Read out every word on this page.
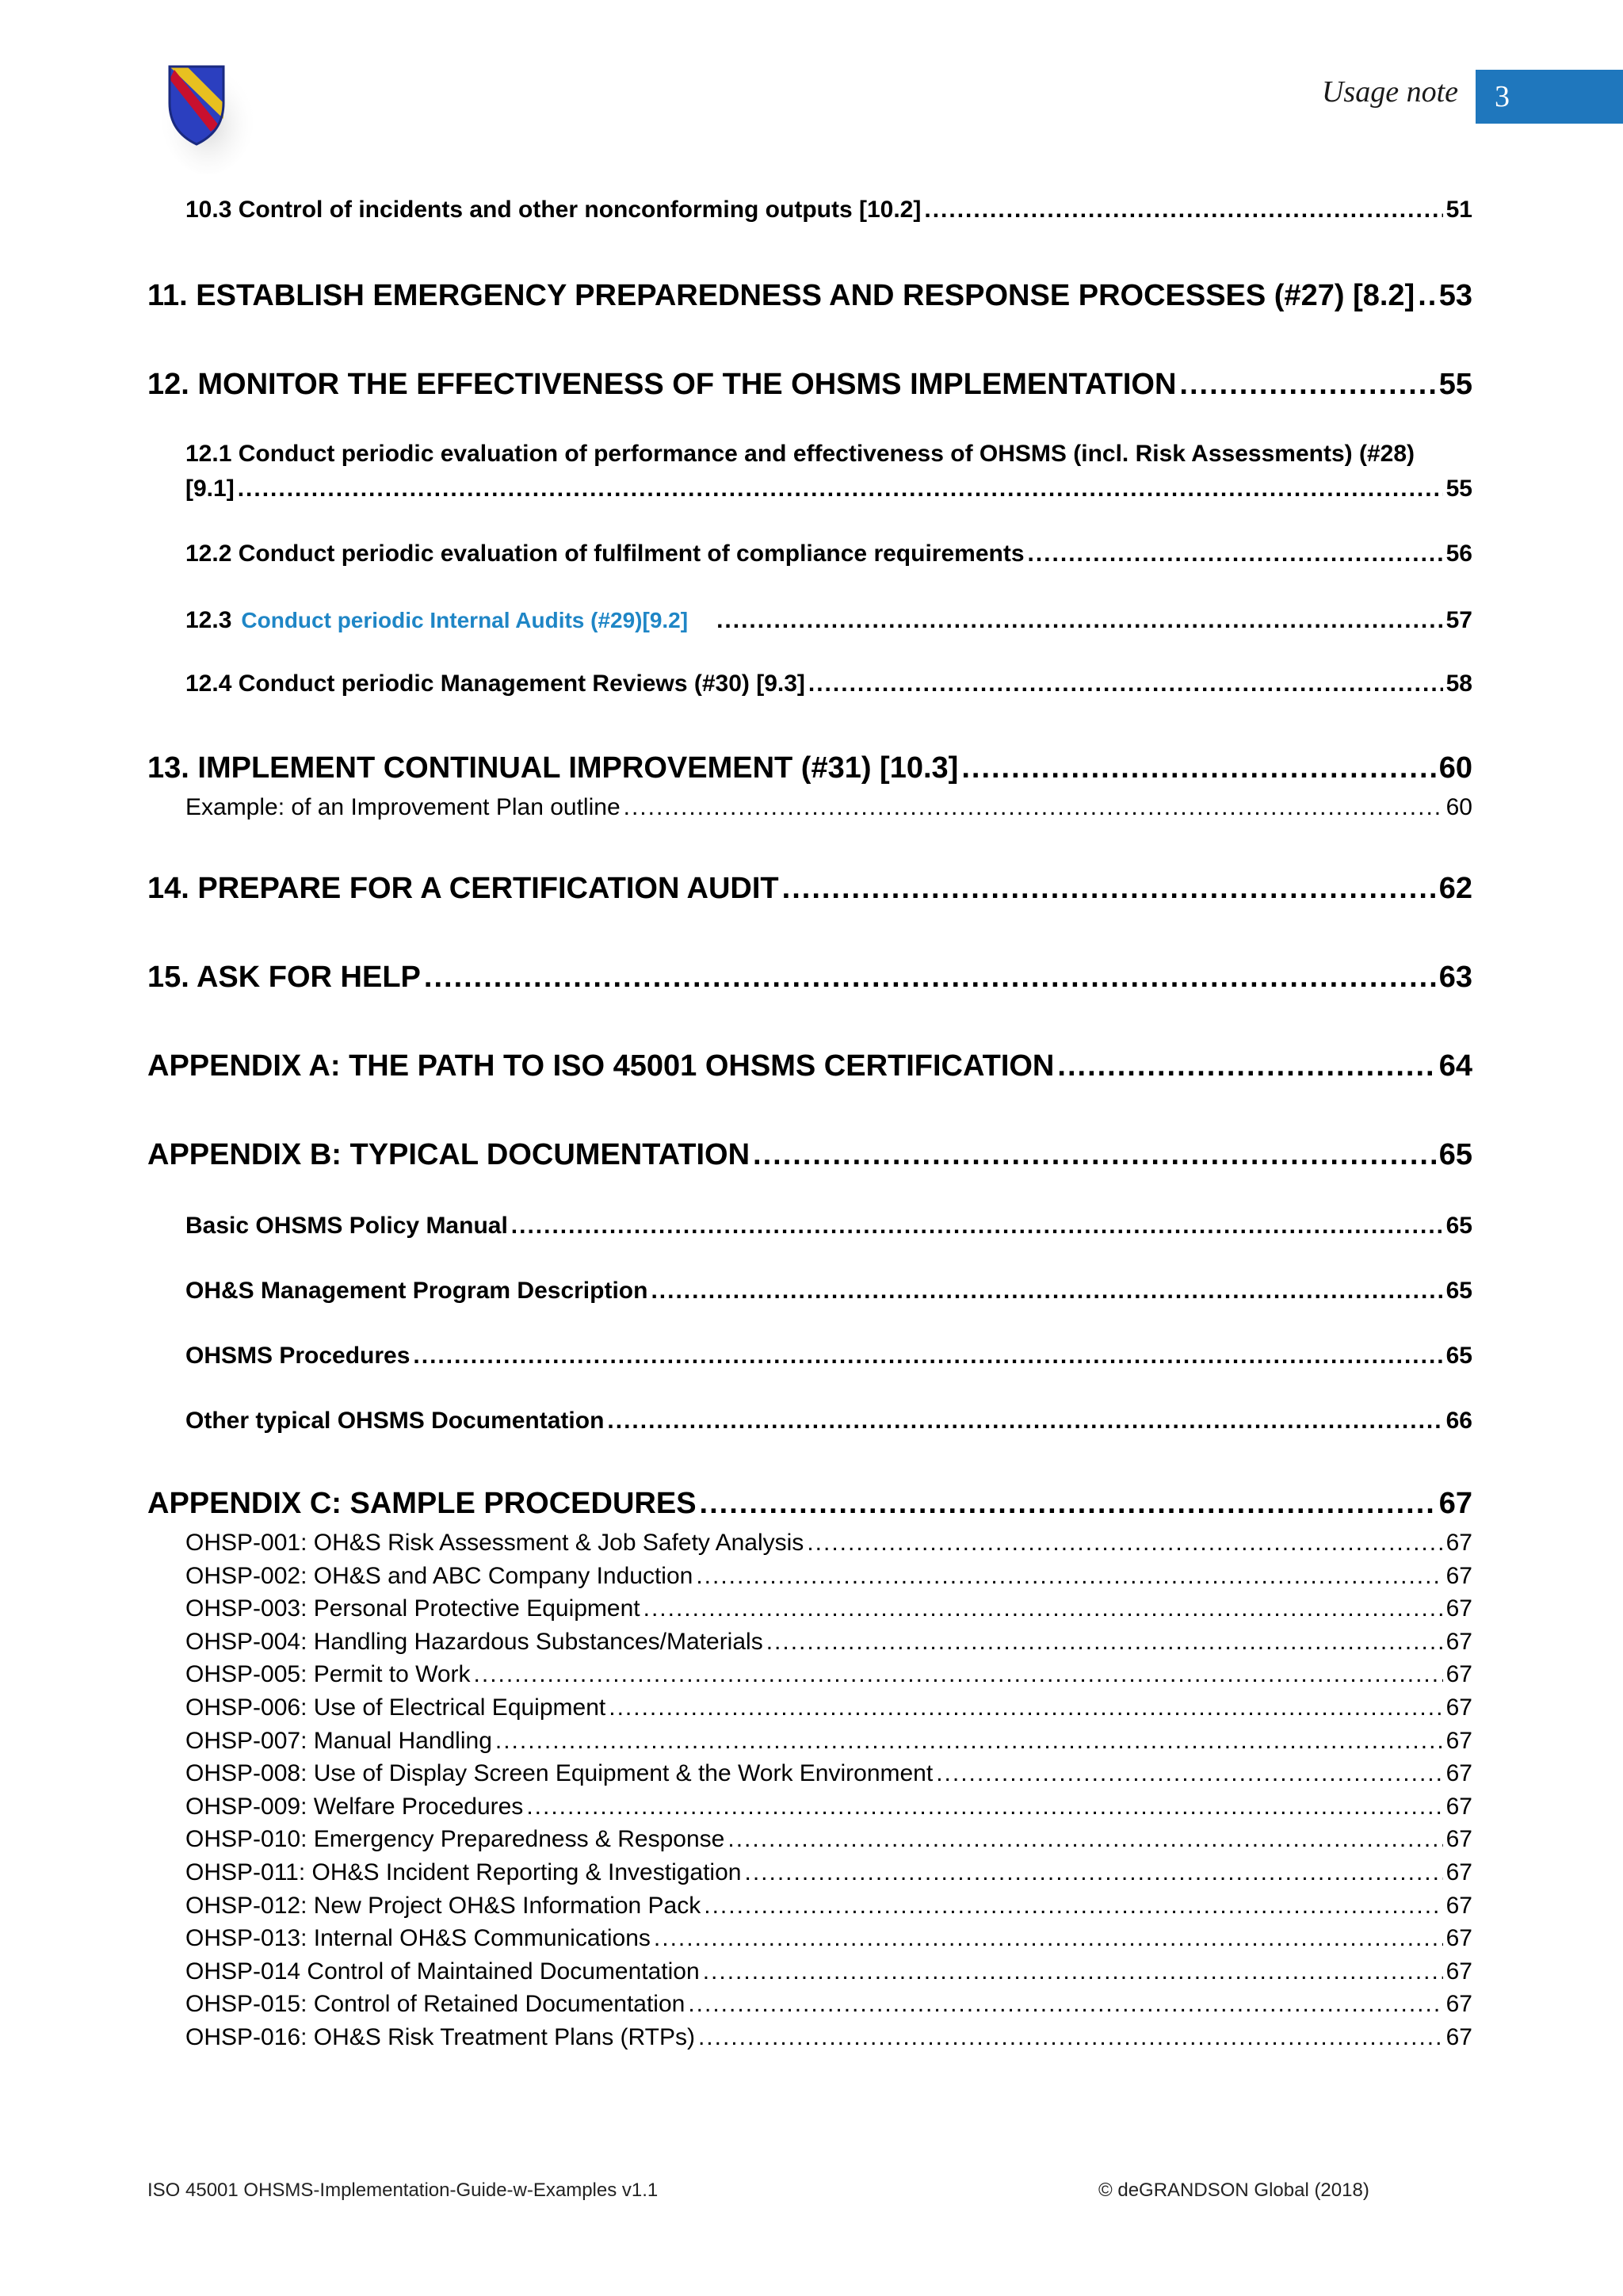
Usage note	3
10.3 Control of incidents and other nonconforming outputs [10.2] .....	51
11. ESTABLISH EMERGENCY PREPAREDNESS AND RESPONSE PROCESSES (#27) [8.2] ..... 53
12. MONITOR THE EFFECTIVENESS OF THE OHSMS IMPLEMENTATION .....	55
12.1 Conduct periodic evaluation of performance and effectiveness of OHSMS (incl. Risk Assessments) (#28)
[9.1] .....	55
12.2 Conduct periodic evaluation of fulfilment of compliance requirements .....	56
12.3 Conduct periodic Internal Audits (#29)[9.2] .....	57
12.4 Conduct periodic Management Reviews (#30) [9.3] .....	58
13. IMPLEMENT CONTINUAL IMPROVEMENT (#31) [10.3] .....	60
Example: of an Improvement Plan outline .....	60
14. PREPARE FOR A CERTIFICATION AUDIT .....	62
15. ASK FOR HELP .....	63
APPENDIX A: THE PATH TO ISO 45001 OHSMS CERTIFICATION .....	64
APPENDIX B: TYPICAL DOCUMENTATION .....	65
Basic OHSMS Policy Manual .....	65
OH&S Management Program Description .....	65
OHSMS Procedures .....	65
Other typical OHSMS Documentation .....	66
APPENDIX C: SAMPLE PROCEDURES .....	67
OHSP-001: OH&S Risk Assessment & Job Safety Analysis .....	67
OHSP-002: OH&S and ABC Company Induction .....	67
OHSP-003: Personal Protective Equipment .....	67
OHSP-004: Handling Hazardous Substances/Materials .....	67
OHSP-005: Permit to Work .....	67
OHSP-006: Use of Electrical Equipment .....	67
OHSP-007: Manual Handling .....	67
OHSP-008: Use of Display Screen Equipment & the Work Environment .....	67
OHSP-009: Welfare Procedures .....	67
OHSP-010: Emergency Preparedness & Response .....	67
OHSP-011: OH&S Incident Reporting & Investigation .....	67
OHSP-012: New Project OH&S Information Pack .....	67
OHSP-013: Internal OH&S Communications .....	67
OHSP-014 Control of Maintained Documentation .....	67
OHSP-015: Control of Retained Documentation .....	67
OHSP-016: OH&S Risk Treatment Plans (RTPs) .....	67
ISO 45001 OHSMS-Implementation-Guide-w-Examples v1.1	© deGRANDSON Global (2018)
